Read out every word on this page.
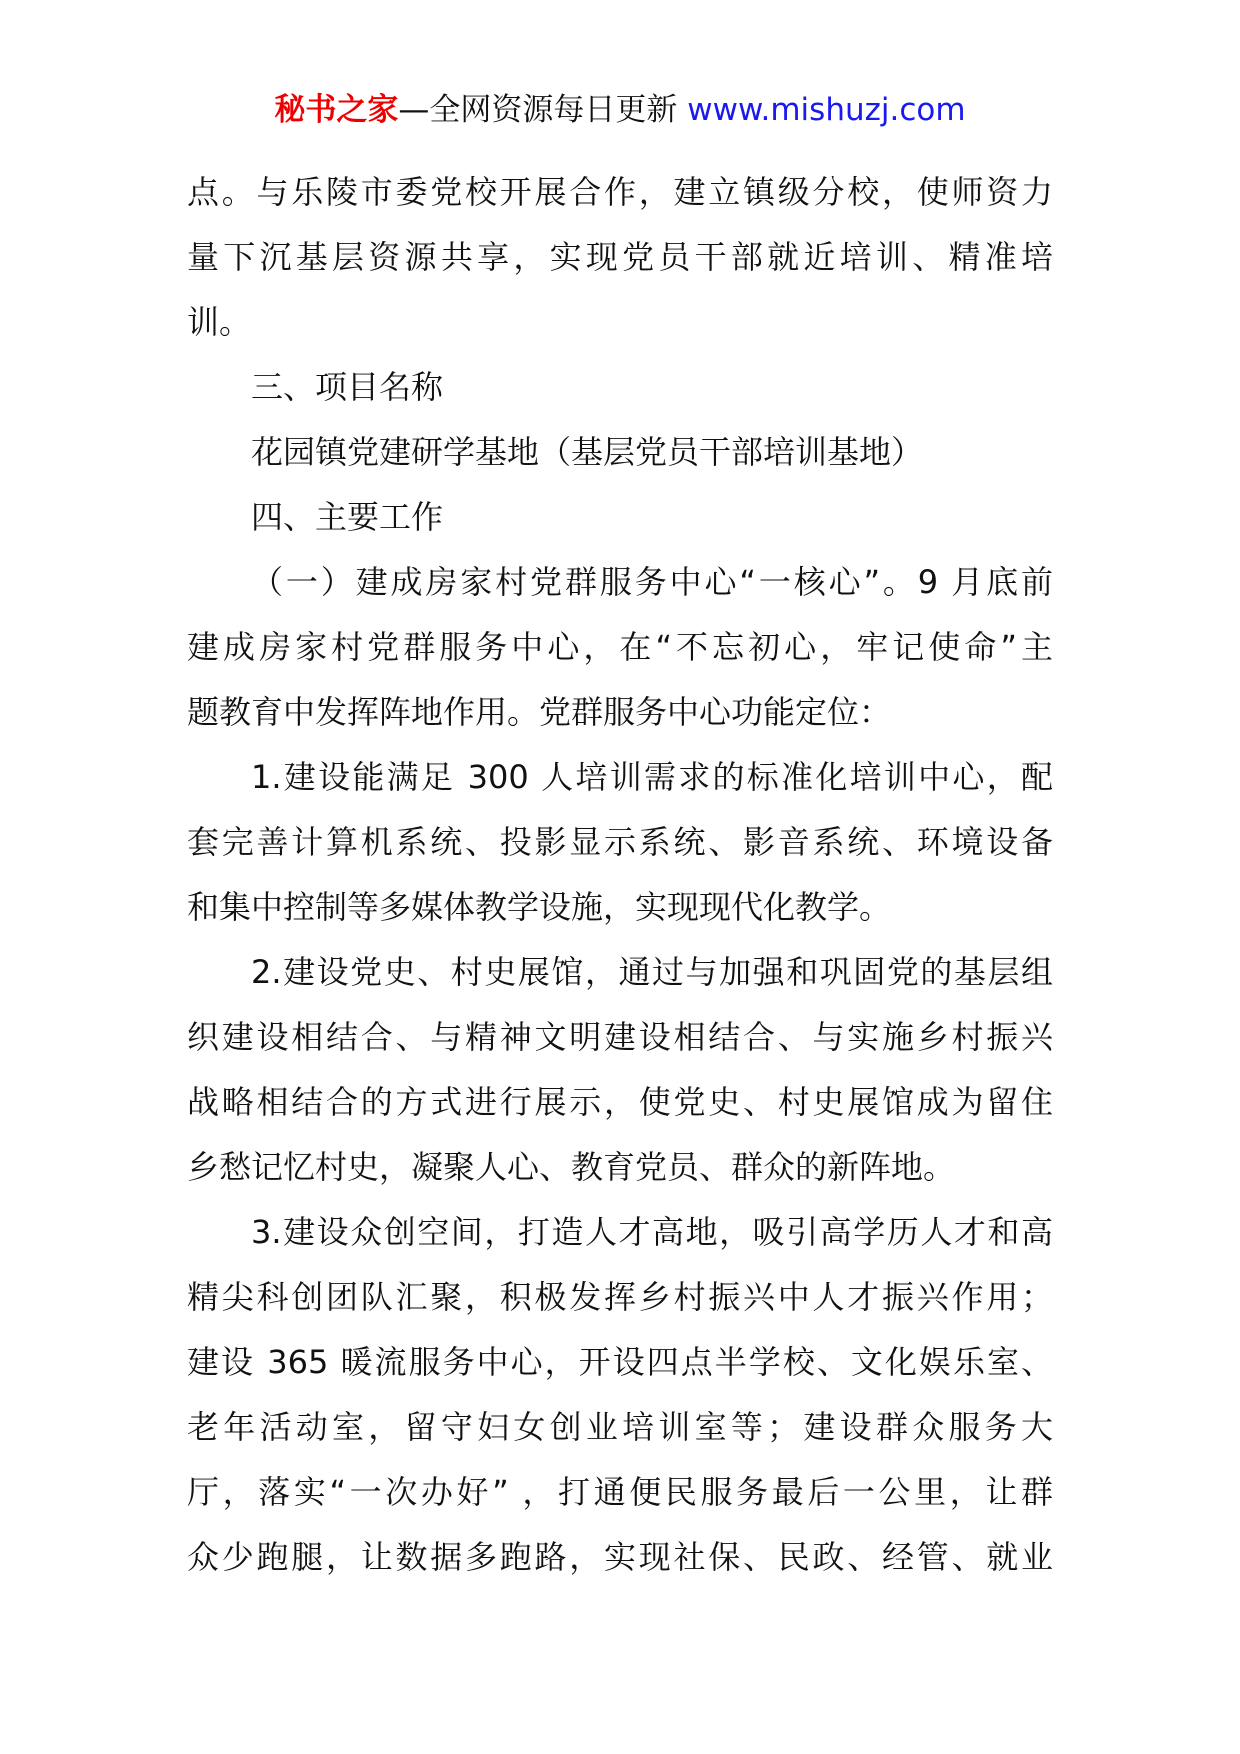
秘书之家—全网资源每日更新 www.mishuzj.com
点。与乐陵市委党校开展合作，建立镇级分校，使师资力
量下沉基层资源共享，实现党员干部就近培训、精准培
训。
三、项目名称
花园镇党建研学基地（基层党员干部培训基地）
四、主要工作
（一）建成房家村党群服务中心“一核心”。9 月底前
建成房家村党群服务中心，在“不忘初心，牢记使命”主
题教育中发挥阵地作用。党群服务中心功能定位：
1.建设能满足 300 人培训需求的标准化培训中心，配
套完善计算机系统、投影显示系统、影音系统、环境设备
和集中控制等多媒体教学设施，实现现代化教学。
2.建设党史、村史展馆，通过与加强和巩固党的基层组
织建设相结合、与精神文明建设相结合、与实施乡村振兴
战略相结合的方式进行展示，使党史、村史展馆成为留住
乡愁记忆村史，凝聚人心、教育党员、群众的新阵地。
3.建设众创空间，打造人才高地，吸引高学历人才和高
精尖科创团队汇聚，积极发挥乡村振兴中人才振兴作用；
建设 365 暖流服务中心，开设四点半学校、文化娱乐室、
老年活动室，留守妇女创业培训室等；建设群众服务大
厅，落实“一次办好” ，打通便民服务最后一公里，让群
众少跑腿，让数据多跑路，实现社保、民政、经管、就业
